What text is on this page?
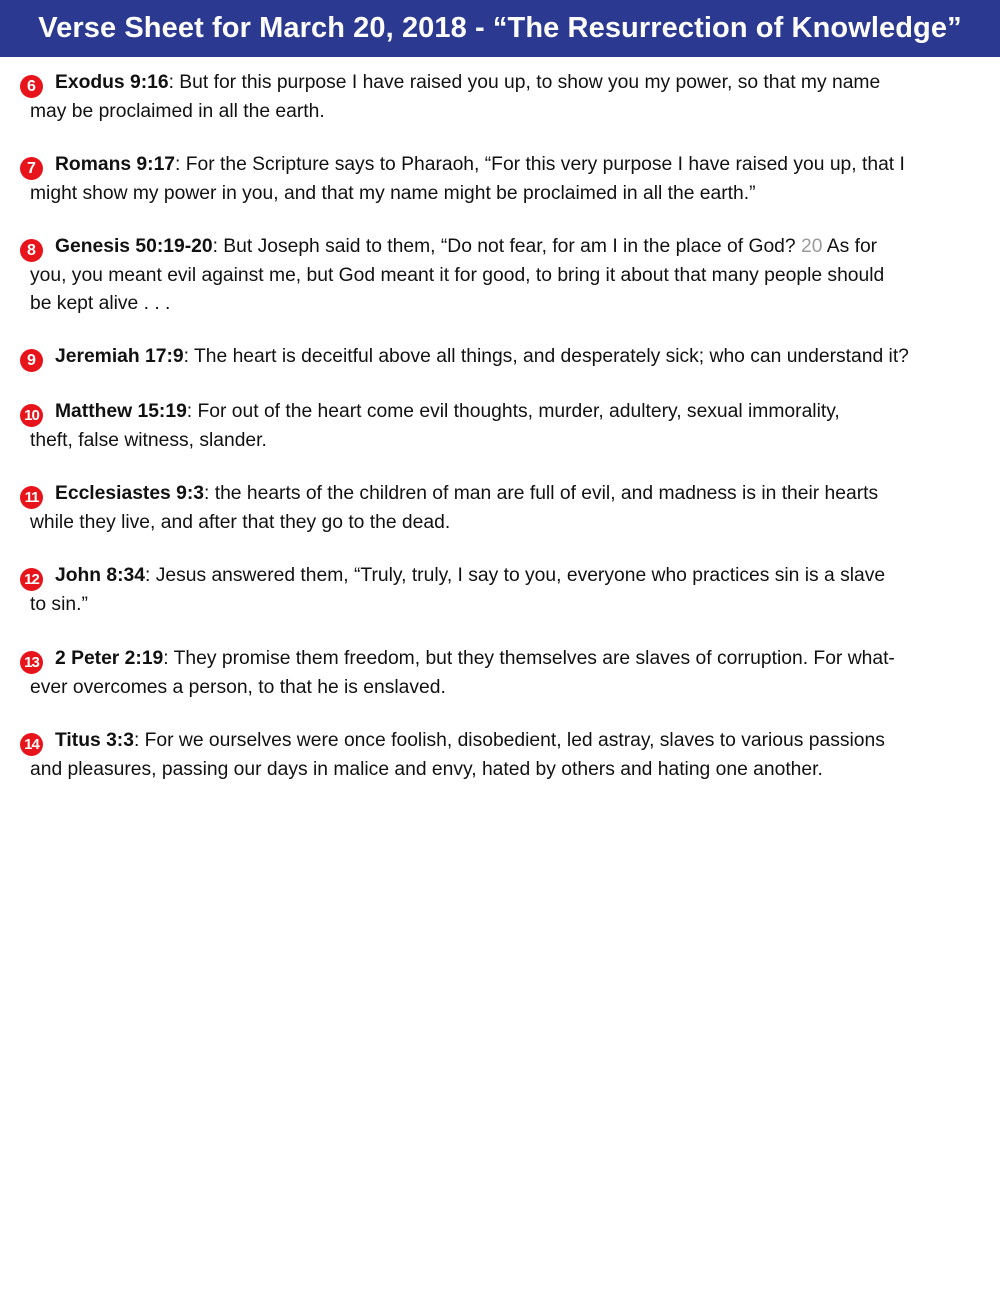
Verse Sheet for March 20, 2018 - “The Resurrection of Knowledge”
6 Exodus 9:16: But for this purpose I have raised you up, to show you my power, so that my name
may be proclaimed in all the earth.
7 Romans 9:17: For the Scripture says to Pharaoh, “For this very purpose I have raised you up, that I
might show my power in you, and that my name might be proclaimed in all the earth.”
8 Genesis 50:19-20: But Joseph said to them, “Do not fear, for am I in the place of God? 20 As for
you, you meant evil against me, but God meant it for good, to bring it about that many people should
be kept alive . . .
9 Jeremiah 17:9: The heart is deceitful above all things, and desperately sick; who can understand it?
10 Matthew 15:19: For out of the heart come evil thoughts, murder, adultery, sexual immorality,
theft, false witness, slander.
11 Ecclesiastes 9:3: the hearts of the children of man are full of evil, and madness is in their hearts
while they live, and after that they go to the dead.
12 John 8:34: Jesus answered them, “Truly, truly, I say to you, everyone who practices sin is a slave
to sin.”
13 2 Peter 2:19: They promise them freedom, but they themselves are slaves of corruption. For what-
ever overcomes a person, to that he is enslaved.
14 Titus 3:3: For we ourselves were once foolish, disobedient, led astray, slaves to various passions
and pleasures, passing our days in malice and envy, hated by others and hating one another.
